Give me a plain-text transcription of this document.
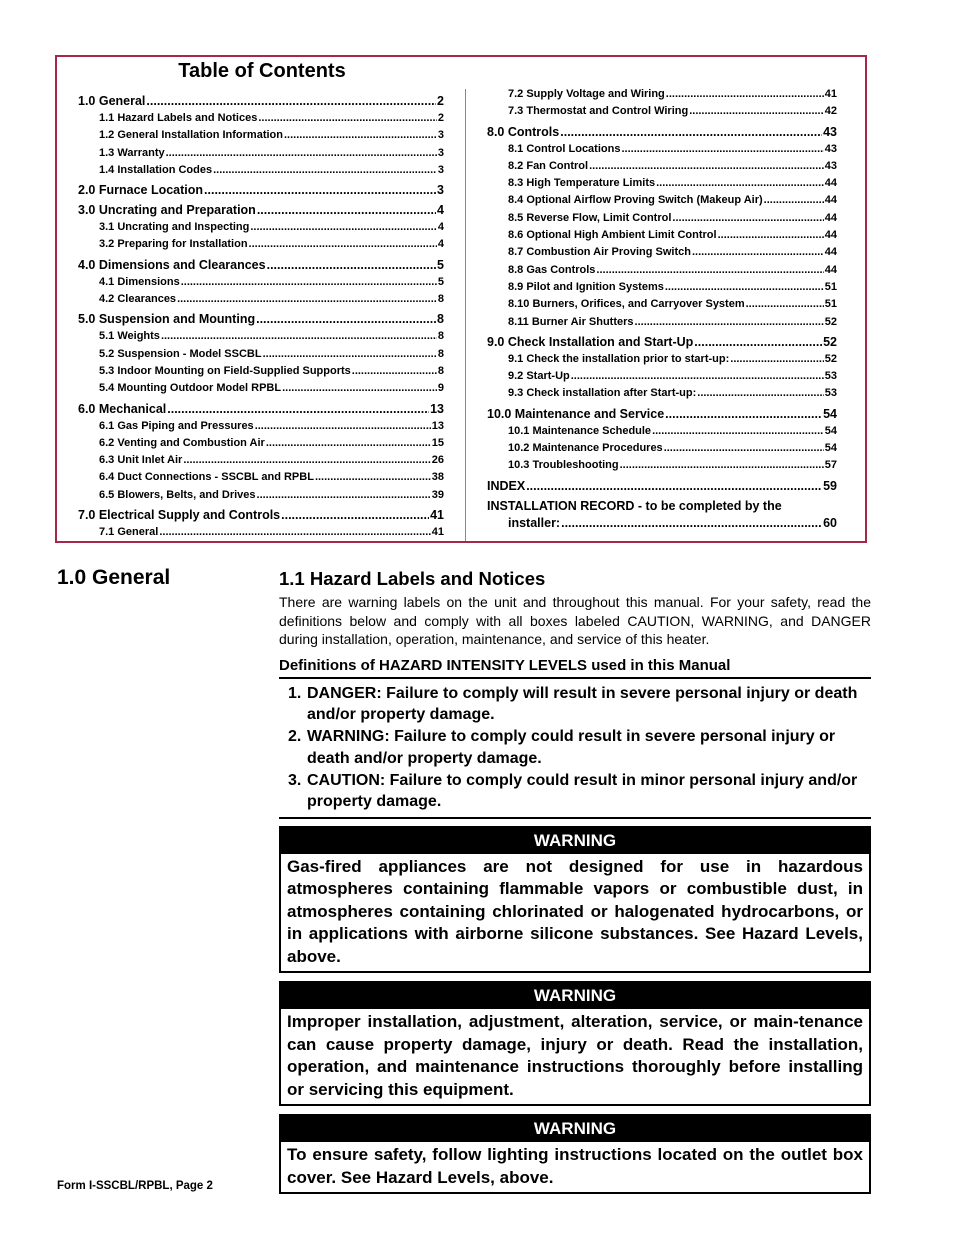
Table of Contents
1.0 General .....	2
1.1 Hazard Labels and Notices .....	2
1.2 General Installation Information .....	3
1.3 Warranty .....	3
1.4 Installation Codes .....	3
2.0 Furnace Location .....	3
3.0 Uncrating and Preparation .....	4
3.1 Uncrating and Inspecting .....	4
3.2 Preparing for Installation .....	4
4.0 Dimensions and Clearances .....	5
4.1 Dimensions .....	5
4.2 Clearances .....	8
5.0 Suspension and Mounting .....	8
5.1 Weights .....	8
5.2 Suspension - Model SSCBL .....	8
5.3 Indoor Mounting on Field-Supplied Supports .....	8
5.4 Mounting Outdoor Model RPBL .....	9
6.0 Mechanical .....	13
6.1 Gas Piping and Pressures .....	13
6.2 Venting and Combustion Air .....	15
6.3 Unit Inlet Air .....	26
6.4 Duct Connections - SSCBL and RPBL .....	38
6.5 Blowers, Belts, and Drives .....	39
7.0 Electrical Supply and Controls .....	41
7.1 General .....	41
7.2 Supply Voltage and Wiring .....	41
7.3 Thermostat and Control Wiring .....	42
8.0 Controls .....	43
8.1 Control Locations .....	43
8.2 Fan Control .....	43
8.3 High Temperature Limits .....	44
8.4 Optional Airflow Proving Switch (Makeup Air) .....	44
8.5 Reverse Flow, Limit Control .....	44
8.6 Optional High Ambient Limit Control .....	44
8.7 Combustion Air Proving Switch .....	44
8.8 Gas Controls .....	44
8.9 Pilot and Ignition Systems .....	51
8.10 Burners, Orifices, and Carryover System .....	51
8.11 Burner Air Shutters .....	52
9.0 Check Installation and Start-Up .....	52
9.1 Check the installation prior to start-up: .....	52
9.2 Start-Up .....	53
9.3 Check installation after Start-up: .....	53
10.0 Maintenance and Service .....	54
10.1 Maintenance Schedule .....	54
10.2 Maintenance Procedures .....	54
10.3 Troubleshooting .....	57
INDEX .....	59
INSTALLATION RECORD - to be completed by the
installer: .....	60
1.0 General	1.1 Hazard Labels and Notices

There are warning labels on the unit and throughout this manual. For your safety, read the definitions below and comply with all boxes labeled CAUTION, WARNING, and DANGER during installation, operation, maintenance, and service of this heater.

Definitions of HAZARD INTENSITY LEVELS used in this Manual
1. DANGER: Failure to comply will result in severe personal injury or death and/or property damage.
2. WARNING: Failure to comply could result in severe personal injury or death and/or property damage.
3. CAUTION: Failure to comply could result in minor personal injury and/or property damage.
WARNING
Gas-fired appliances are not designed for use in hazardous atmospheres containing flammable vapors or combustible dust, in atmospheres containing chlorinated or halogenated hydrocarbons, or in applications with airborne silicone substances. See Hazard Levels, above.
WARNING
Improper installation, adjustment, alteration, service, or main-tenance can cause property damage, injury or death. Read the installation, operation, and maintenance instructions thoroughly before installing or servicing this equipment.
WARNING
To ensure safety, follow lighting instructions located on the outlet box cover. See Hazard Levels, above.

Form I-SSCBL/RPBL, Page 2
